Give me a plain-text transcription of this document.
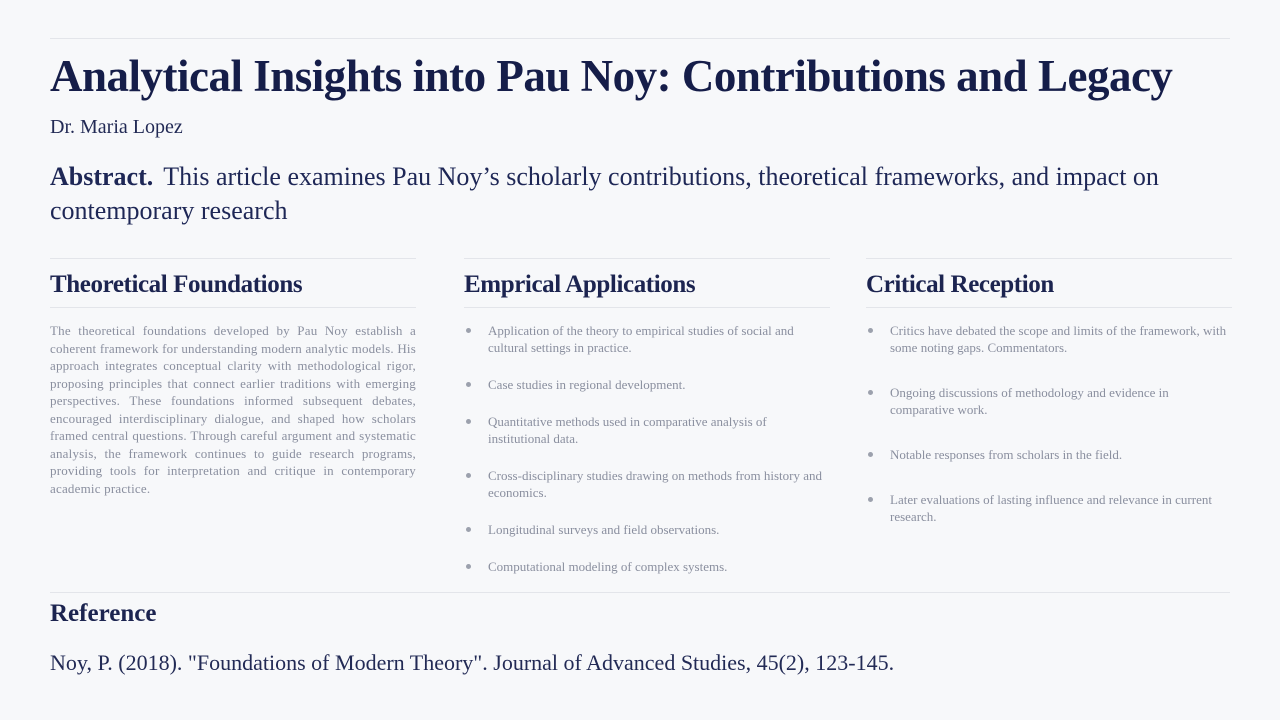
Analytical Insights into Pau Noy: Contributions and Legacy
Dr. Maria Lopez
Abstract. This article examines Pau Noy’s scholarly contributions, theoretical frameworks, and impact on contemporary research
Theoretical Foundations
The theoretical foundations developed by Pau Noy establish a coherent framework for understanding modern analytic models. His approach integrates conceptual clarity with methodological rigor, proposing principles that connect earlier traditions with emerging perspectives. These foundations informed subsequent debates, encouraged interdisciplinary dialogue, and shaped how scholars framed central questions. Through careful argument and systematic analysis, the framework continues to guide research programs, providing tools for interpretation and critique in contemporary academic practice.
Emprical Applications
Application of the theory to empirical studies of social and cultural settings in practice.
Case studies in regional development.
Quantitative methods used in comparative analysis of institutional data.
Cross-disciplinary studies drawing on methods from history and economics.
Longitudinal surveys and field observations.
Computational modeling of complex systems.
Critical Reception
Critics have debated the scope and limits of the framework, with some noting gaps. Commentators.
Ongoing discussions of methodology and evidence in comparative work.
Notable responses from scholars in the field.
Later evaluations of lasting influence and relevance in current research.
Reference
Noy, P. (2018). "Foundations of Modern Theory". Journal of Advanced Studies, 45(2), 123-145.
